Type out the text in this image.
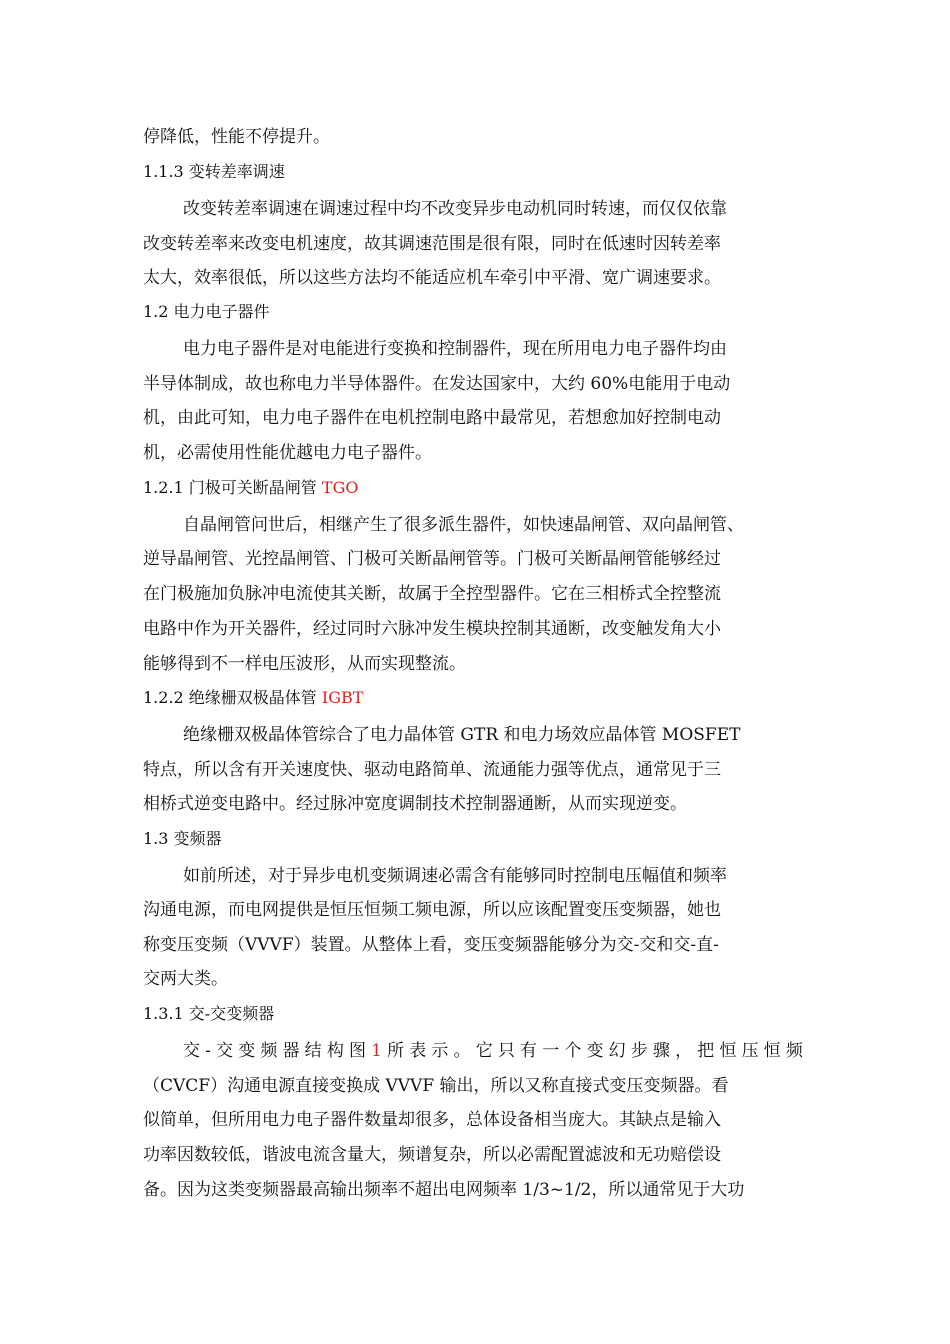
停降低，性能不停提升。
1.1.3 变转差率调速
改变转差率调速在调速过程中均不改变异步电动机同时转速，而仅仅依靠
改变转差率来改变电机速度，故其调速范围是很有限，同时在低速时因转差率
太大，效率很低，所以这些方法均不能适应机车牵引中平滑、宽广调速要求。
1.2 电力电子器件
电力电子器件是对电能进行变换和控制器件，现在所用电力电子器件均由
半导体制成，故也称电力半导体器件。在发达国家中，大约 60%电能用于电动
机，由此可知，电力电子器件在电机控制电路中最常见，若想愈加好控制电动
机，必需使用性能优越电力电子器件。
1.2.1 门极可关断晶闸管 TGO
自晶闸管问世后，相继产生了很多派生器件，如快速晶闸管、双向晶闸管、
逆导晶闸管、光控晶闸管、门极可关断晶闸管等。门极可关断晶闸管能够经过
在门极施加负脉冲电流使其关断，故属于全控型器件。它在三相桥式全控整流
电路中作为开关器件，经过同时六脉冲发生模块控制其通断，改变触发角大小
能够得到不一样电压波形，从而实现整流。
1.2.2 绝缘栅双极晶体管 IGBT
绝缘栅双极晶体管综合了电力晶体管 GTR 和电力场效应晶体管 MOSFET
特点，所以含有开关速度快、驱动电路简单、流通能力强等优点，通常见于三
相桥式逆变电路中。经过脉冲宽度调制技术控制器通断，从而实现逆变。
1.3 变频器
如前所述，对于异步电机变频调速必需含有能够同时控制电压幅值和频率
沟通电源，而电网提供是恒压恒频工频电源，所以应该配置变压变频器，她也
称变压变频（VVVF）装置。从整体上看，变压变频器能够分为交-交和交-直-
交两大类。
1.3.1 交-交变频器
交-交变频器结构图1所表示。它只有一个变幻步骤，把恒压恒频
（CVCF）沟通电源直接变换成 VVVF 输出，所以又称直接式变压变频器。看
似简单，但所用电力电子器件数量却很多，总体设备相当庞大。其缺点是输入
功率因数较低，谐波电流含量大，频谱复杂，所以必需配置滤波和无功赔偿设
备。因为这类变频器最高输出频率不超出电网频率 1/3~1/2，所以通常见于大功
